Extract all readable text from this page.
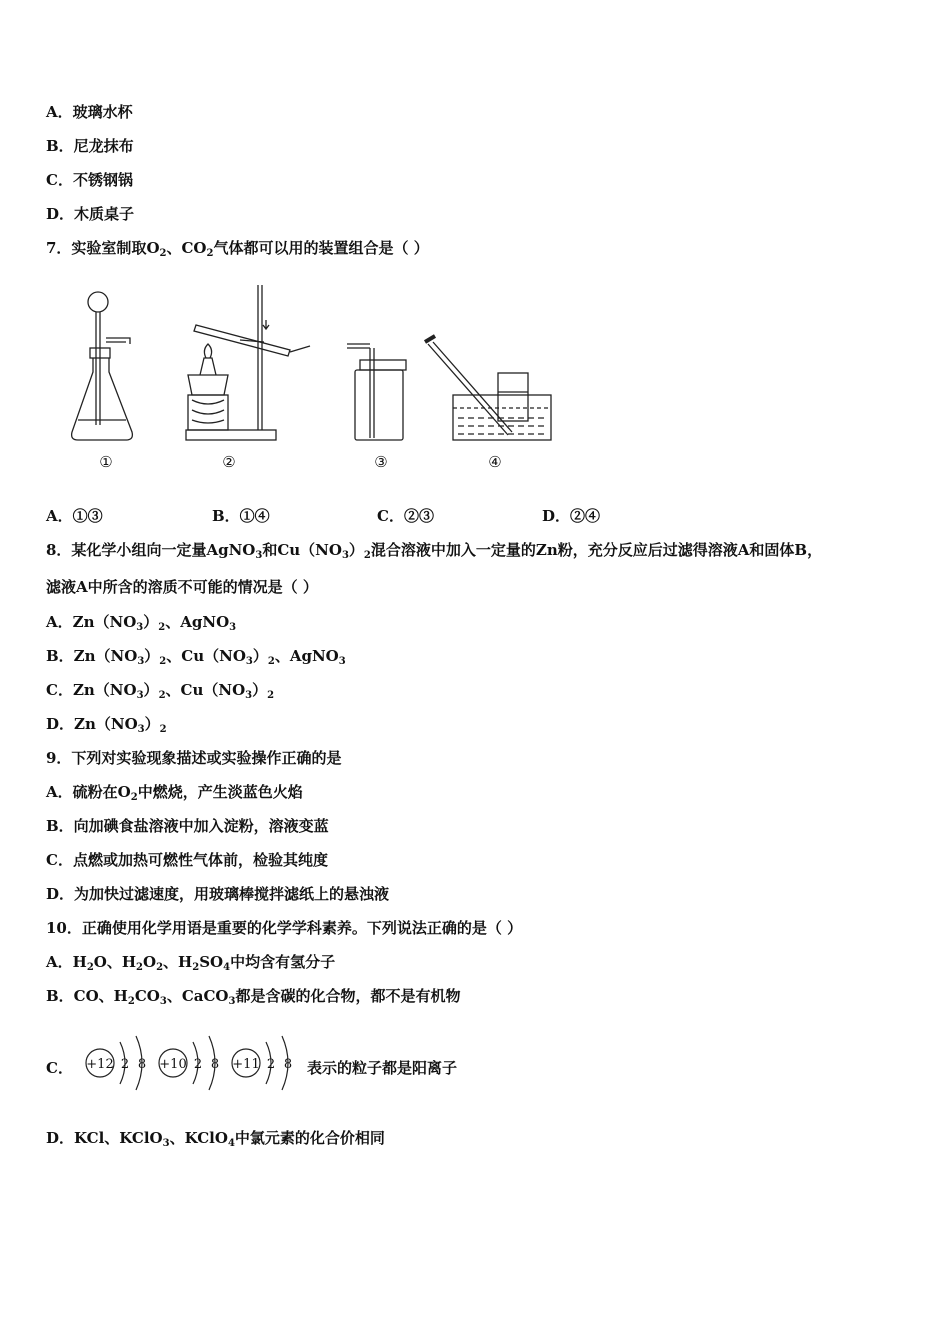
A．玻璃水杯
B．尼龙抹布
C．不锈钢锅
D．木质桌子
7．实验室制取$O_2$、$CO_2$气体都可以用的装置组合是（ ）
①	②	③	④
A．①③	B．①④	C．②③	D．②④
8．某化学小组向一定量AgNO$_3$和$Cu(NO_3)_2$混合溶液中加入一定量的Zn粉，充分反应后过滤得溶液A和固体B，
滤液A中所含的溶质不可能的情况是（ ）
A．$Zn(NO_3)_2$、AgNO$_3$
B．$Zn(NO_3)_2$、$Cu(NO_3)_2$、AgNO$_3$
C．$Zn(NO_3)_2$、$Cu(NO_3)_2$
D．$Zn(NO_3)_2$
9．下列对实验现象描述或实验操作正确的是
A．硫粉在$O_2$中燃烧，产生淡蓝色火焰
B．向加碘食盐溶液中加入淀粉，溶液变蓝
C．点燃或加热可燃性气体前，检验其纯度
D．为加快过滤速度，用玻璃棒搅拌滤纸上的悬浊液
10．正确使用化学用语是重要的化学学科素养。下列说法正确的是（ ）
A．$H_2O$、$H_2O_2$、$H_2SO_4$中均含有氢分子
B．CO、$H_2CO_3$、CaCO$_3$都是含碳的化合物，都不是有机物
C． +12 2 8 +10 2 8 +11 2 8 表示的粒子都是阳离子
D．KCl、KClO$_3$、KClO$_4$中氯元素的化合价相同
